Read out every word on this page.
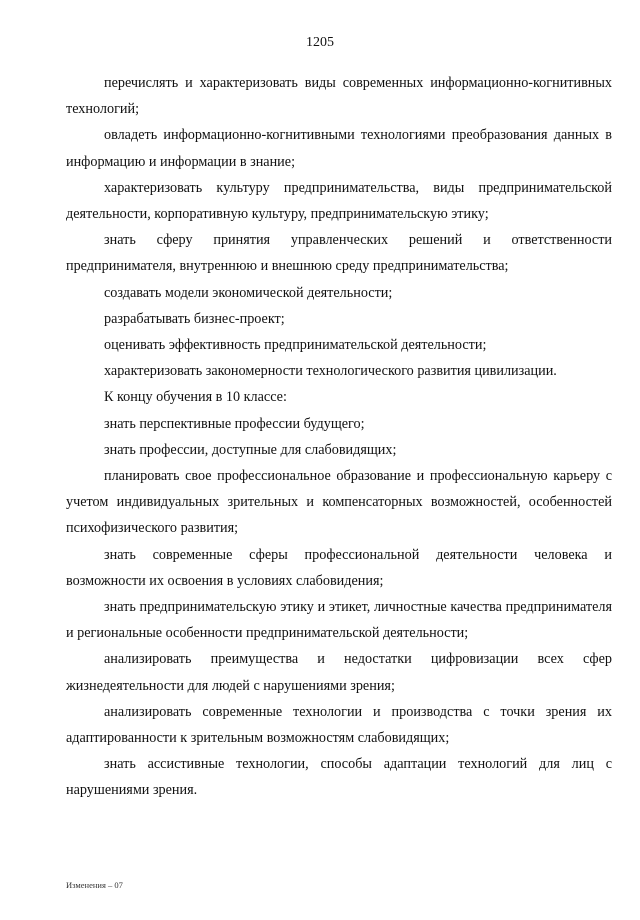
1205

перечислять и характеризовать виды современных информационно-когнитивных технологий;

овладеть информационно-когнитивными технологиями преобразования данных в информацию и информации в знание;

характеризовать культуру предпринимательства, виды предпринимательской деятельности, корпоративную культуру, предпринимательскую этику;

знать сферу принятия управленческих решений и ответственности предпринимателя, внутреннюю и внешнюю среду предпринимательства;

создавать модели экономической деятельности;

разрабатывать бизнес-проект;

оценивать эффективность предпринимательской деятельности;

характеризовать закономерности технологического развития цивилизации.

К концу обучения в 10 классе:

знать перспективные профессии будущего;

знать профессии, доступные для слабовидящих;

планировать свое профессиональное образование и профессиональную карьеру с учетом индивидуальных зрительных и компенсаторных возможностей, особенностей психофизического развития;

знать современные сферы профессиональной деятельности человека и возможности их освоения в условиях слабовидения;

знать предпринимательскую этику и этикет, личностные качества предпринимателя и региональные особенности предпринимательской деятельности;

анализировать преимущества и недостатки цифровизации всех сфер жизнедеятельности для людей с нарушениями зрения;

анализировать современные технологии и производства с точки зрения их адаптированности к зрительным возможностям слабовидящих;

знать ассистивные технологии, способы адаптации технологий для лиц с нарушениями зрения.

Изменения – 07
